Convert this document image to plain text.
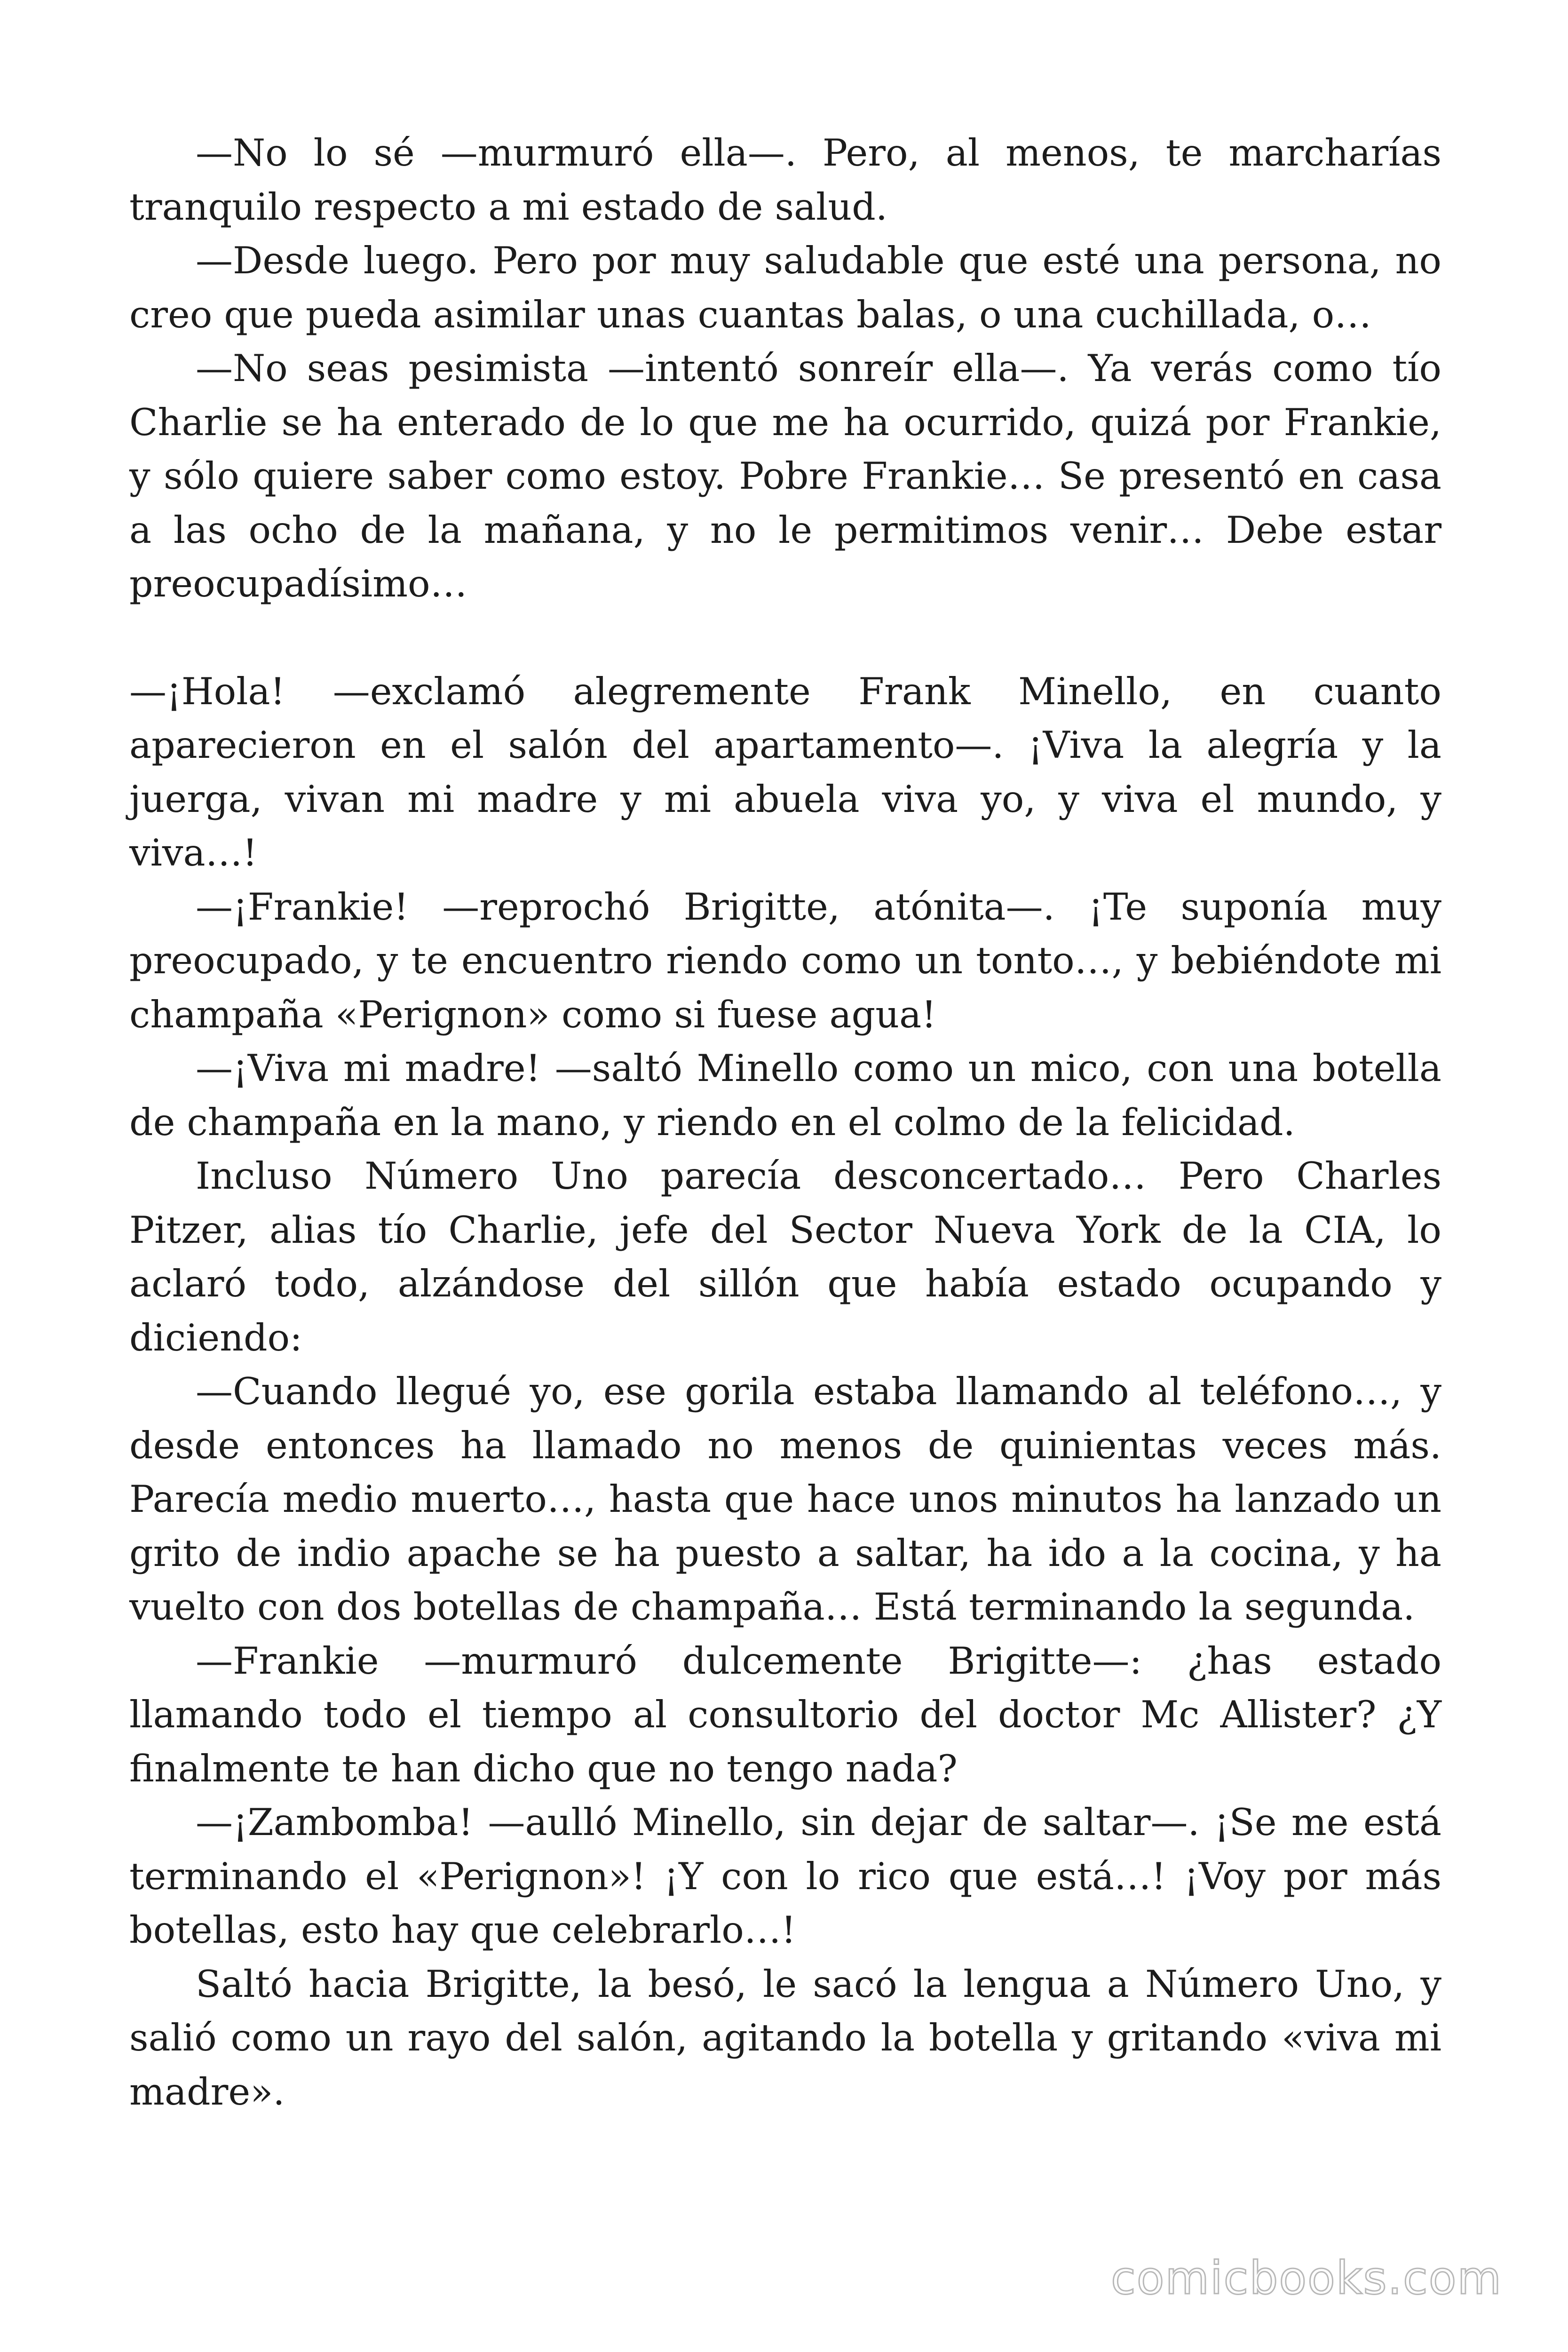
—No lo sé —murmuró ella—. Pero, al menos, te marcharías tranquilo respecto a mi estado de salud.

—Desde luego. Pero por muy saludable que esté una persona, no creo que pueda asimilar unas cuantas balas, o una cuchillada, o…

—No seas pesimista —intentó sonreír ella—. Ya verás como tío Charlie se ha enterado de lo que me ha ocurrido, quizá por Frankie, y sólo quiere saber como estoy. Pobre Frankie… Se presentó en casa a las ocho de la mañana, y no le permitimos venir… Debe estar preocupadísimo…

—¡Hola! —exclamó alegremente Frank Minello, en cuanto aparecieron en el salón del apartamento—. ¡Viva la alegría y la juerga, vivan mi madre y mi abuela viva yo, y viva el mundo, y viva…!

—¡Frankie! —reprochó Brigitte, atónita—. ¡Te suponía muy preocupado, y te encuentro riendo como un tonto…, y bebiéndote mi champaña «Perignon» como si fuese agua!

—¡Viva mi madre! —saltó Minello como un mico, con una botella de champaña en la mano, y riendo en el colmo de la felicidad.

Incluso Número Uno parecía desconcertado… Pero Charles Pitzer, alias tío Charlie, jefe del Sector Nueva York de la CIA, lo aclaró todo, alzándose del sillón que había estado ocupando y diciendo:

—Cuando llegué yo, ese gorila estaba llamando al teléfono…, y desde entonces ha llamado no menos de quinientas veces más. Parecía medio muerto…, hasta que hace unos minutos ha lanzado un grito de indio apache se ha puesto a saltar, ha ido a la cocina, y ha vuelto con dos botellas de champaña… Está terminando la segunda.

—Frankie —murmuró dulcemente Brigitte—: ¿has estado llamando todo el tiempo al consultorio del doctor Mc Allister? ¿Y finalmente te han dicho que no tengo nada?

—¡Zambomba! —aulló Minello, sin dejar de saltar—. ¡Se me está terminando el «Perignon»! ¡Y con lo rico que está…! ¡Voy por más botellas, esto hay que celebrarlo…!

Saltó hacia Brigitte, la besó, le sacó la lengua a Número Uno, y salió como un rayo del salón, agitando la botella y gritando «viva mi madre».

comicbooks.com
